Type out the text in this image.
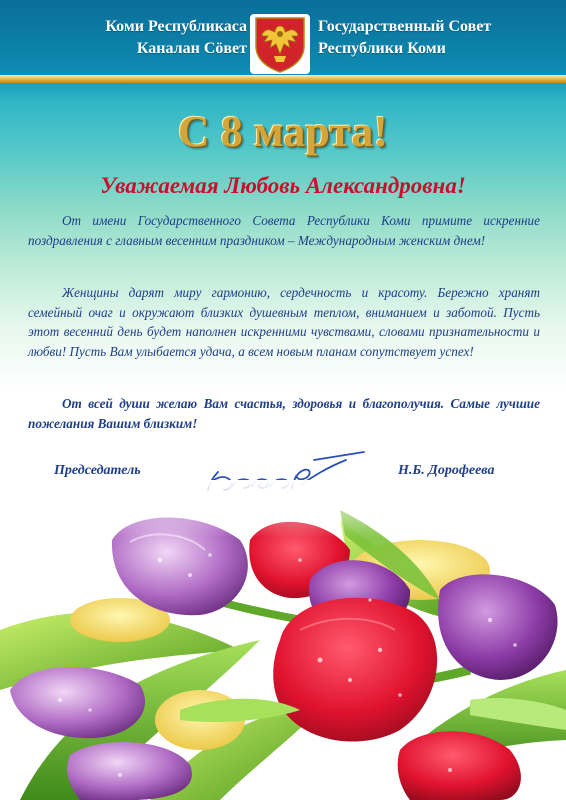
Коми Республикаса
Каналан Сӧвет
Государственный Совет
Республики Коми
С 8 марта!
Уважаемая Любовь Александровна!

От имени Государственного Совета Республики Коми примите искренние поздравления с главным весенним праздником – Международным женским днем!

Женщины дарят миру гармонию, сердечность и красоту. Бережно хранят семейный очаг и окружают близких душевным теплом, вниманием и заботой. Пусть этот весенний день будет наполнен искренними чувствами, словами признательности и любви! Пусть Вам улыбается удача, а всем новым планам сопутствует успех!

От всей души желаю Вам счастья, здоровья и благополучия. Самые лучшие пожелания Вашим близким!

Председатель	Н.Б. Дорофеева
